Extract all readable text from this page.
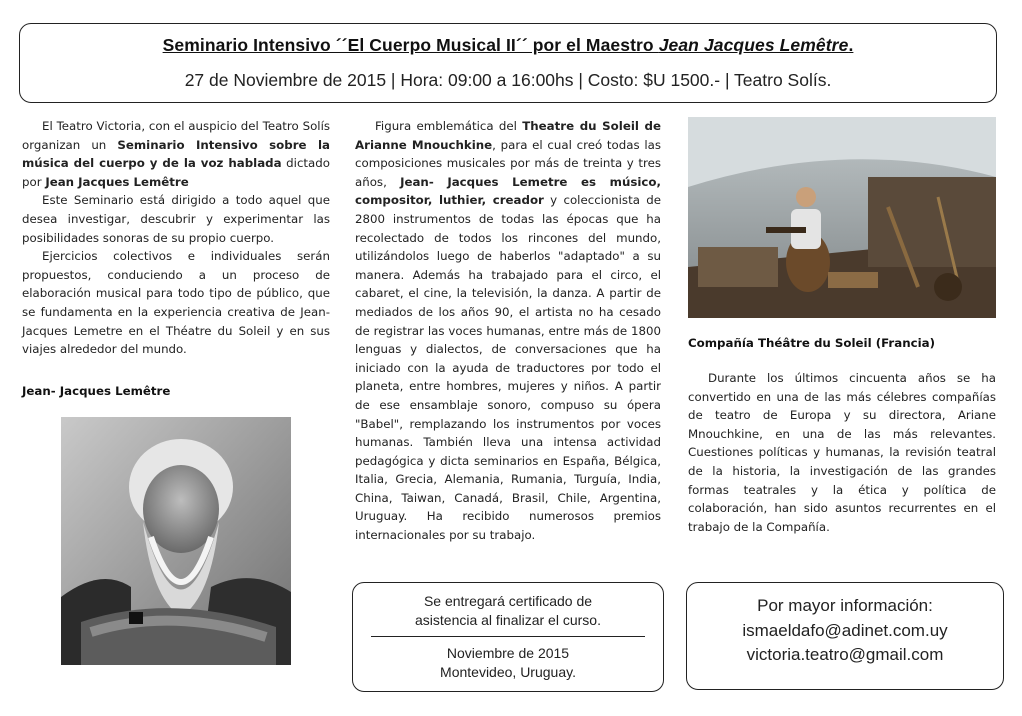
Seminario Intensivo ´´El Cuerpo Musical II´´ por el Maestro Jean Jacques Lemêtre.
27 de Noviembre de 2015 | Hora: 09:00 a 16:00hs | Costo: $U 1500.- | Teatro Solís.

El Teatro Victoria, con el auspicio del Teatro Solís organizan un Seminario Intensivo sobre la música del cuerpo y de la voz hablada dictado por Jean Jacques Lemêtre

Este Seminario está dirigido a todo aquel que desea investigar, descubrir y experimentar las posibilidades sonoras de su propio cuerpo.

Ejercicios colectivos e individuales serán propuestos, conduciendo a un proceso de elaboración musical para todo tipo de público, que se fundamenta en la experiencia creativa de Jean- Jacques Lemetre en el Théatre du Soleil y en sus viajes alrededor del mundo.

Jean- Jacques Lemêtre

Figura emblemática del Theatre du Soleil de Arianne Mnouchkine, para el cual creó todas las composiciones musicales por más de treinta y tres años, Jean- Jacques Lemetre es músico, compositor, luthier, creador y coleccionista de 2800 instrumentos de todas las épocas que ha recolectado de todos los rincones del mundo, utilizándolos luego de haberlos "adaptado" a su manera. Además ha trabajado para el circo, el cabaret, el cine, la televisión, la danza. A partir de mediados de los años 90, el artista no ha cesado de registrar las voces humanas, entre más de 1800 lenguas y dialectos, de conversaciones que ha iniciado con la ayuda de traductores por todo el planeta, entre hombres, mujeres y niños. A partir de ese ensamblaje sonoro, compuso su ópera "Babel", remplazando los instrumentos por voces humanas. También lleva una intensa actividad pedagógica y dicta seminarios en España, Bélgica, Italia, Grecia, Alemania, Rumania, Turguía, India, China, Taiwan, Canadá, Brasil, Chile, Argentina, Uruguay. Ha recibido numerosos premios internacionales por su trabajo.

Compañía Théâtre du Soleil (Francia)

Durante los últimos cincuenta años se ha convertido en una de las más célebres compañías de teatro de Europa y su directora, Ariane Mnouchkine, en una de las más relevantes. Cuestiones políticas y humanas, la revisión teatral de la historia, la investigación de las grandes formas teatrales y la ética y política de colaboración, han sido asuntos recurrentes en el trabajo de la Compañía.

Se entregará certificado de
asistencia al finalizar el curso.
Noviembre de 2015
Montevideo, Uruguay.
Por mayor información:
ismaeldafo@adinet.com.uy
victoria.teatro@gmail.com
